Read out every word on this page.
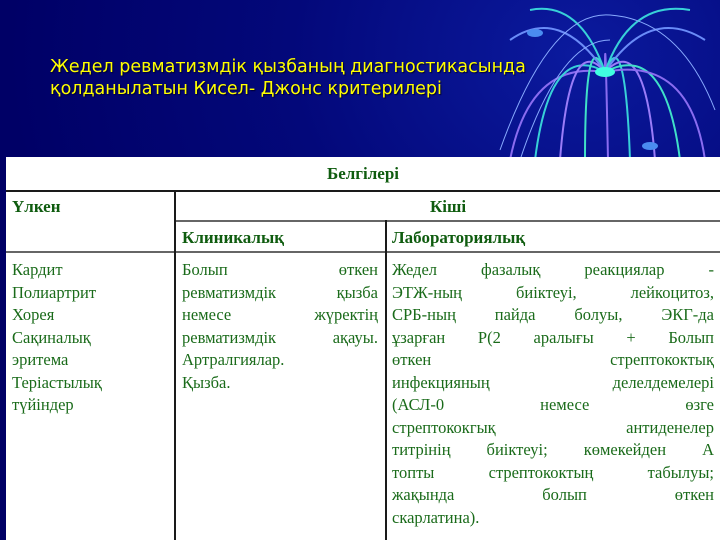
Жедел ревматизмдік қызбаның диагностикасында
қолданылатын Кисел- Джонс критерилері
Белгілері
Үлкен	Кіші
Клиникалық	Лабораториялық
Кардит
Полиартрит
Хорея
Сақиналық
эритема
Теріастылық
түйіндер
Болып өткен
ревматизмдік қызба
немесе жүректің
ревматизмдік ақауы.
Артралгиялар.
Қызба.
Жедел фазалық реакциялар -
ЭТЖ-ның биіктеуі, лейкоцитоз,
СРБ-ның пайда болуы, ЭКГ-да
ұзарған P(2 аралығы + Болып
өткен стрептококтық
инфекцияның делелдемелері
(АСЛ-0 немесе өзге
стрептококгық антиденелер
титрінің биіктеуі; көмекейден А
топты стрептококтың табылуы;
жақында болып өткен
скарлатина).
